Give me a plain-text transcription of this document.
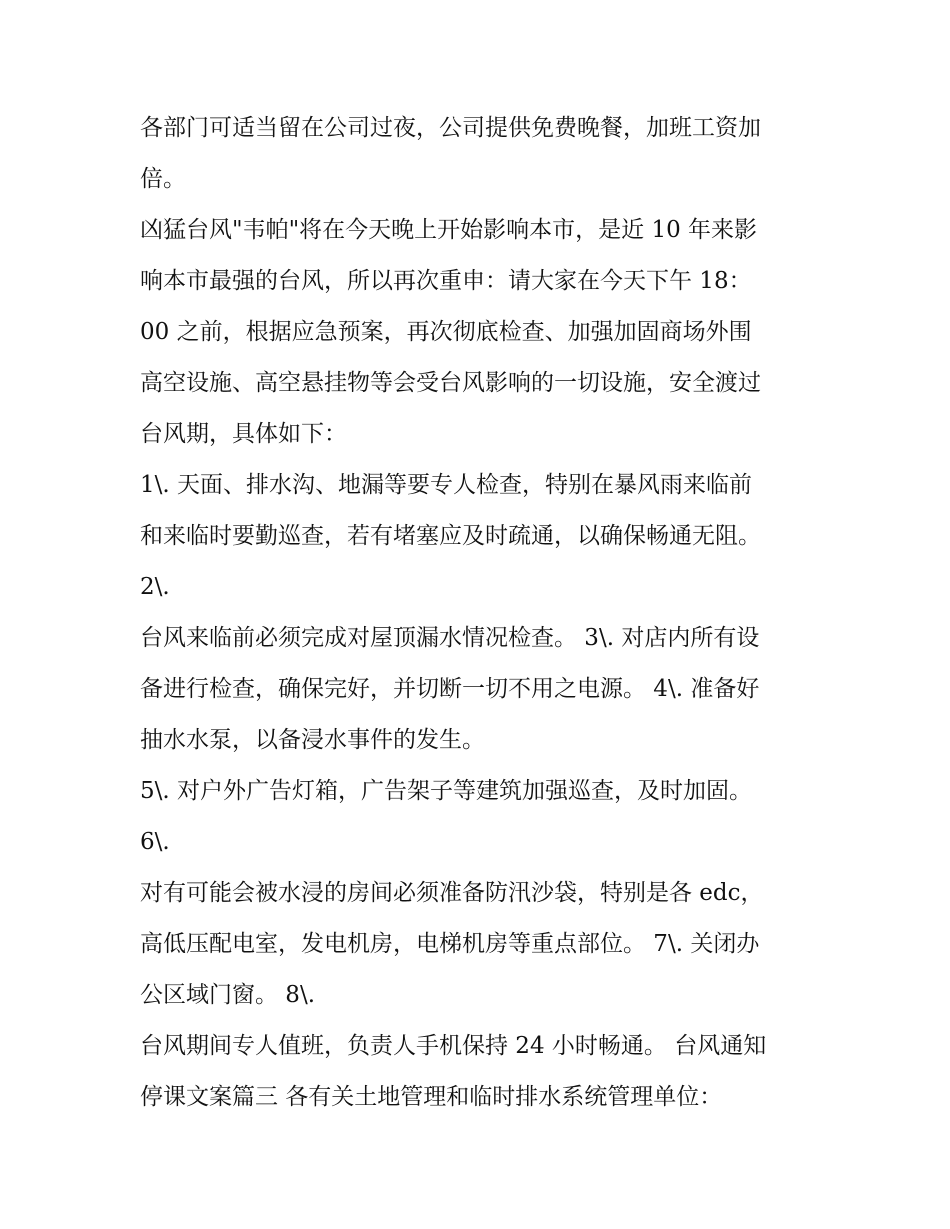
各部门可适当留在公司过夜，公司提供免费晚餐，加班工资加
倍。
凶猛台风"韦帕"将在今天晚上开始影响本市，是近 10 年来影
响本市最强的台风，所以再次重申：请大家在今天下午 18：
00 之前，根据应急预案，再次彻底检查、加强加固商场外围
高空设施、高空悬挂物等会受台风影响的一切设施，安全渡过
台风期，具体如下：
1\. 天面、排水沟、地漏等要专人检查，特别在暴风雨来临前
和来临时要勤巡查，若有堵塞应及时疏通，以确保畅通无阻。
2\.
台风来临前必须完成对屋顶漏水情况检查。 3\. 对店内所有设
备进行检查，确保完好，并切断一切不用之电源。 4\. 准备好
抽水水泵，以备浸水事件的发生。
5\. 对户外广告灯箱，广告架子等建筑加强巡查，及时加固。
6\.
对有可能会被水浸的房间必须准备防汛沙袋，特别是各 edc，
高低压配电室，发电机房，电梯机房等重点部位。 7\. 关闭办
公区域门窗。 8\.
台风期间专人值班，负责人手机保持 24 小时畅通。 台风通知
停课文案篇三 各有关土地管理和临时排水系统管理单位：
